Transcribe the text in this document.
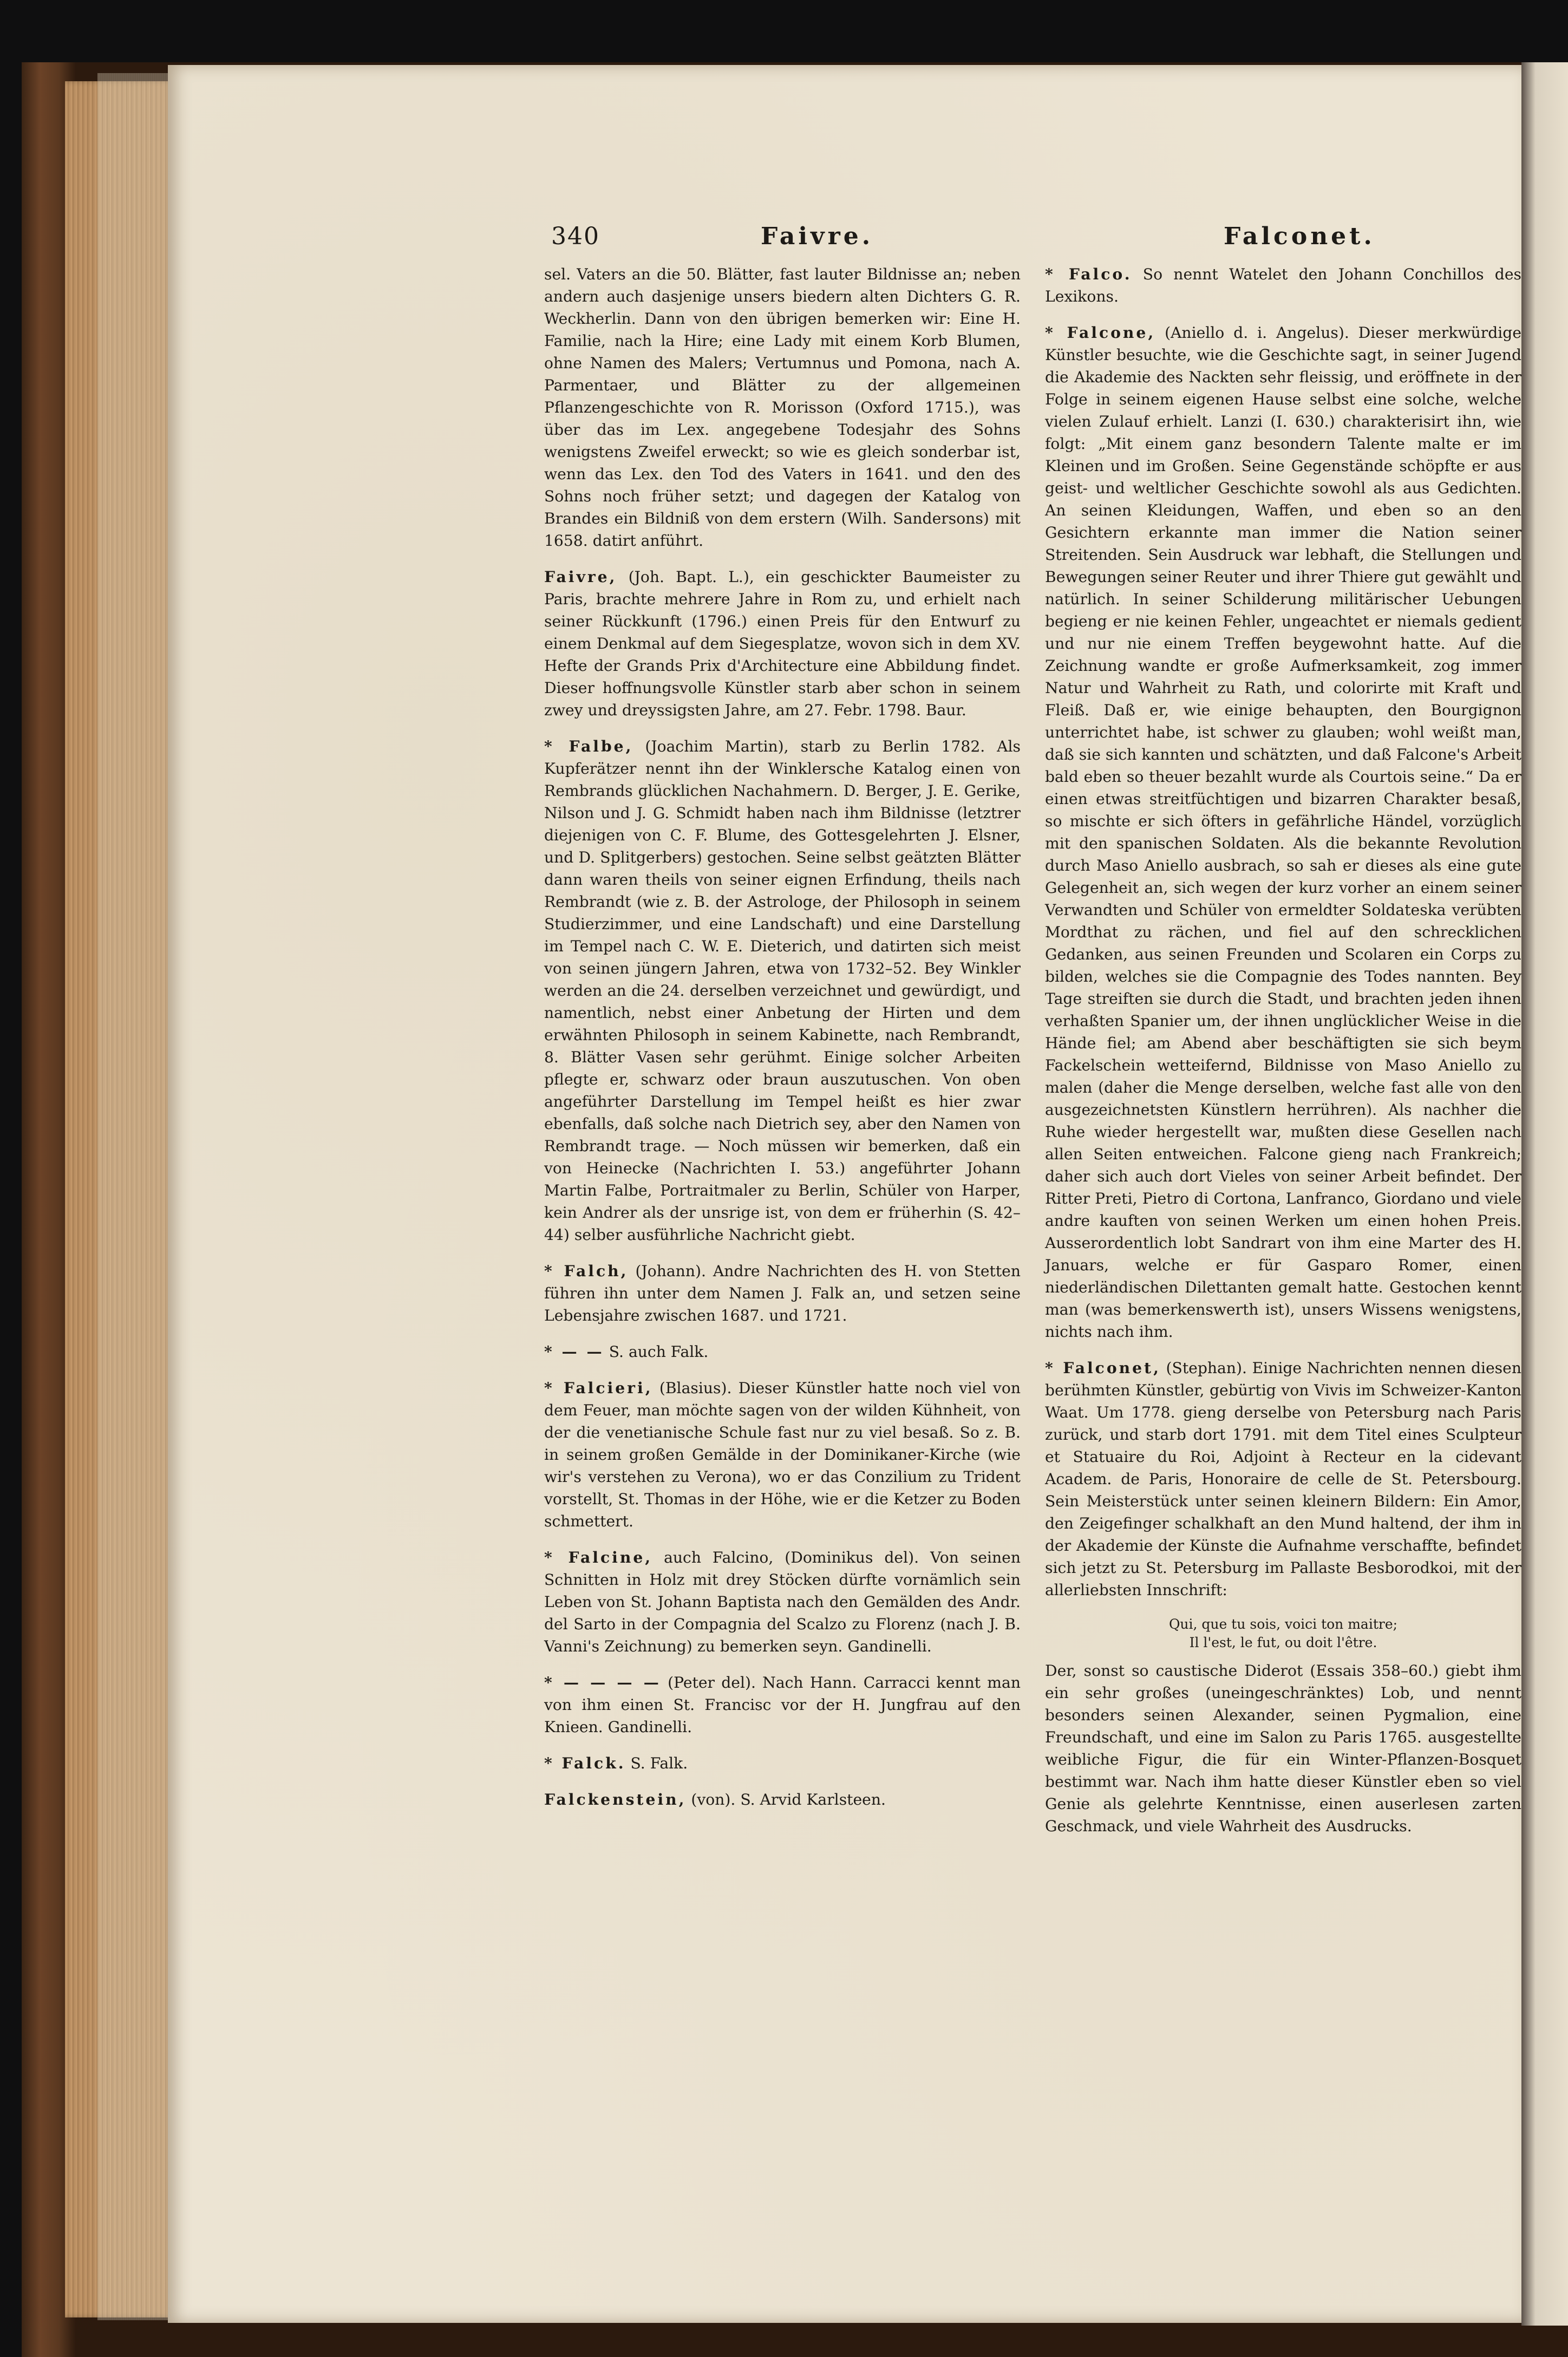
340	Faivre.	Falconet.

sel. Vaters an die 50. Blätter, fast lauter Bildnisse an; neben andern auch dasjenige unsers biedern alten Dichters G. R. Weckherlin. Dann von den übrigen bemerken wir: Eine H. Familie, nach la Hire; eine Lady mit einem Korb Blumen, ohne Namen des Malers; Vertumnus und Pomona, nach A. Parmentaer, und Blätter zu der allgemeinen Pflanzengeschichte von R. Morisson (Oxford 1715.), was über das im Lex. angegebene Todesjahr des Sohns wenigstens Zweifel erweckt; so wie es gleich sonderbar ist, wenn das Lex. den Tod des Vaters in 1641. und den des Sohns noch früher setzt; und dagegen der Katalog von Brandes ein Bildniß von dem erstern (Wilh. Sandersons) mit 1658. datirt anführt.

Faivre, (Joh. Bapt. L.), ein geschickter Baumeister zu Paris, brachte mehrere Jahre in Rom zu, und erhielt nach seiner Rückkunft (1796.) einen Preis für den Entwurf zu einem Denkmal auf dem Siegesplatze, wovon sich in dem XV. Hefte der Grands Prix d'Architecture eine Abbildung findet. Dieser hoffnungsvolle Künstler starb aber schon in seinem zwey und dreyssigsten Jahre, am 27. Febr. 1798. Baur.

* Falbe, (Joachim Martin), starb zu Berlin 1782. Als Kupferätzer nennt ihn der Winklersche Katalog einen von Rembrands glücklichen Nachahmern. D. Berger, J. E. Gerike, Nilson und J. G. Schmidt haben nach ihm Bildnisse (letztrer diejenigen von C. F. Blume, des Gottesgelehrten J. Elsner, und D. Splitgerbers) gestochen. Seine selbst geätzten Blätter dann waren theils von seiner eignen Erfindung, theils nach Rembrandt (wie z. B. der Astrologe, der Philosoph in seinem Studierzimmer, und eine Landschaft) und eine Darstellung im Tempel nach C. W. E. Dieterich, und datirten sich meist von seinen jüngern Jahren, etwa von 1732–52. Bey Winkler werden an die 24. derselben verzeichnet und gewürdigt, und namentlich, nebst einer Anbetung der Hirten und dem erwähnten Philosoph in seinem Kabinette, nach Rembrandt, 8. Blätter Vasen sehr gerühmt. Einige solcher Arbeiten pflegte er, schwarz oder braun auszutuschen. Von oben angeführter Darstellung im Tempel heißt es hier zwar ebenfalls, daß solche nach Dietrich sey, aber den Namen von Rembrandt trage. — Noch müssen wir bemerken, daß ein von Heinecke (Nachrichten I. 53.) angeführter Johann Martin Falbe, Portraitmaler zu Berlin, Schüler von Harper, kein Andrer als der unsrige ist, von dem er früherhin (S. 42–44) selber ausführliche Nachricht giebt.

* Falch, (Johann). Andre Nachrichten des H. von Stetten führen ihn unter dem Namen J. Falk an, und setzen seine Lebensjahre zwischen 1687. und 1721.

* — — S. auch Falk.

* Falcieri, (Blasius). Dieser Künstler hatte noch viel von dem Feuer, man möchte sagen von der wilden Kühnheit, von der die venetianische Schule fast nur zu viel besaß. So z. B. in seinem großen Gemälde in der Dominikaner-Kirche (wie wir's verstehen zu Verona), wo er das Conzilium zu Trident vorstellt, St. Thomas in der Höhe, wie er die Ketzer zu Boden schmettert.

* Falcine, auch Falcino, (Dominikus del). Von seinen Schnitten in Holz mit drey Stöcken dürfte vornämlich sein Leben von St. Johann Baptista nach den Gemälden des Andr. del Sarto in der Compagnia del Scalzo zu Florenz (nach J. B. Vanni's Zeichnung) zu bemerken seyn. Gandinelli.

* — — — — (Peter del). Nach Hann. Carracci kennt man von ihm einen St. Francisc vor der H. Jungfrau auf den Knieen. Gandinelli.

* Falck. S. Falk.

Falckenstein, (von). S. Arvid Karlsteen.

* Falco. So nennt Watelet den Johann Conchillos des Lexikons.

* Falcone, (Aniello d. i. Angelus). Dieser merkwürdige Künstler besuchte, wie die Geschichte sagt, in seiner Jugend die Akademie des Nackten sehr fleissig, und eröffnete in der Folge in seinem eigenen Hause selbst eine solche, welche vielen Zulauf erhielt. Lanzi (I. 630.) charakterisirt ihn, wie folgt: „Mit einem ganz besondern Talente malte er im Kleinen und im Großen. Seine Gegenstände schöpfte er aus geist- und weltlicher Geschichte sowohl als aus Gedichten. An seinen Kleidungen, Waffen, und eben so an den Gesichtern erkannte man immer die Nation seiner Streitenden. Sein Ausdruck war lebhaft, die Stellungen und Bewegungen seiner Reuter und ihrer Thiere gut gewählt und natürlich. In seiner Schilderung militärischer Uebungen begieng er nie keinen Fehler, ungeachtet er niemals gedient und nur nie einem Treffen beygewohnt hatte. Auf die Zeichnung wandte er große Aufmerksamkeit, zog immer Natur und Wahrheit zu Rath, und colorirte mit Kraft und Fleiß. Daß er, wie einige behaupten, den Bourgignon unterrichtet habe, ist schwer zu glauben; wohl weißt man, daß sie sich kannten und schätzten, und daß Falcone's Arbeit bald eben so theuer bezahlt wurde als Courtois seine.“ Da er einen etwas streitfüchtigen und bizarren Charakter besaß, so mischte er sich öfters in gefährliche Händel, vorzüglich mit den spanischen Soldaten. Als die bekannte Revolution durch Maso Aniello ausbrach, so sah er dieses als eine gute Gelegenheit an, sich wegen der kurz vorher an einem seiner Verwandten und Schüler von ermeldter Soldateska verübten Mordthat zu rächen, und fiel auf den schrecklichen Gedanken, aus seinen Freunden und Scolaren ein Corps zu bilden, welches sie die Compagnie des Todes nannten. Bey Tage streiften sie durch die Stadt, und brachten jeden ihnen verhaßten Spanier um, der ihnen unglücklicher Weise in die Hände fiel; am Abend aber beschäftigten sie sich beym Fackelschein wetteifernd, Bildnisse von Maso Aniello zu malen (daher die Menge derselben, welche fast alle von den ausgezeichnetsten Künstlern herrühren). Als nachher die Ruhe wieder hergestellt war, mußten diese Gesellen nach allen Seiten entweichen. Falcone gieng nach Frankreich; daher sich auch dort Vieles von seiner Arbeit befindet. Der Ritter Preti, Pietro di Cortona, Lanfranco, Giordano und viele andre kauften von seinen Werken um einen hohen Preis. Ausserordentlich lobt Sandrart von ihm eine Marter des H. Januars, welche er für Gasparo Romer, einen niederländischen Dilettanten gemalt hatte. Gestochen kennt man (was bemerkenswerth ist), unsers Wissens wenigstens, nichts nach ihm.

* Falconet, (Stephan). Einige Nachrichten nennen diesen berühmten Künstler, gebürtig von Vivis im Schweizer-Kanton Waat. Um 1778. gieng derselbe von Petersburg nach Paris zurück, und starb dort 1791. mit dem Titel eines Sculpteur et Statuaire du Roi, Adjoint à Recteur en la cidevant Academ. de Paris, Honoraire de celle de St. Petersbourg. Sein Meisterstück unter seinen kleinern Bildern: Ein Amor, den Zeigefinger schalkhaft an den Mund haltend, der ihm in der Akademie der Künste die Aufnahme verschaffte, befindet sich jetzt zu St. Petersburg im Pallaste Besborodkoi, mit der allerliebsten Innschrift:

Qui, que tu sois, voici ton maitre;
Il l'est, le fut, ou doit l'être.

Der, sonst so caustische Diderot (Essais 358–60.) giebt ihm ein sehr großes (uneingeschränktes) Lob, und nennt besonders seinen Alexander, seinen Pygmalion, eine Freundschaft, und eine im Salon zu Paris 1765. ausgestellte weibliche Figur, die für ein Winter-Pflanzen-Bosquet bestimmt war. Nach ihm hatte dieser Künstler eben so viel Genie als gelehrte Kenntnisse, einen auserlesen zarten Geschmack, und viele Wahrheit des Ausdrucks.
